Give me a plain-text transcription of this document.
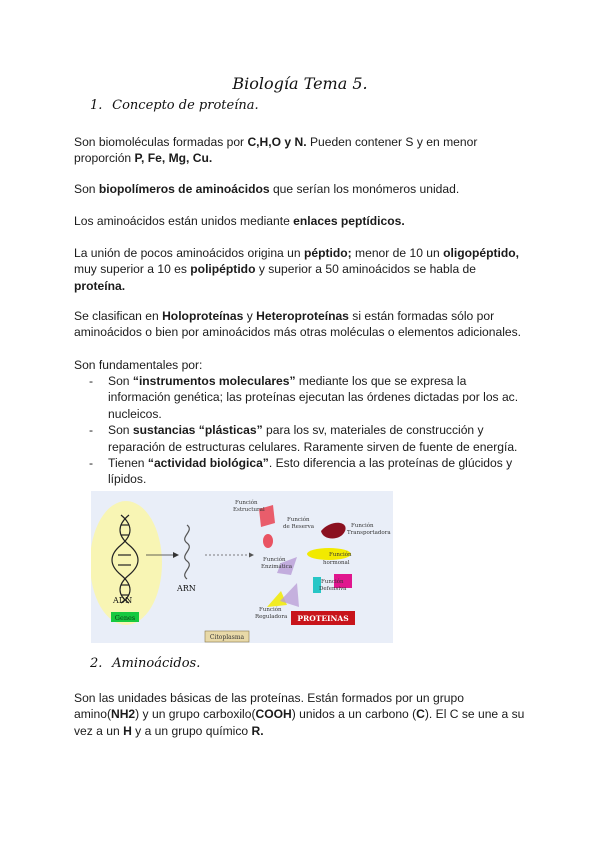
Biología Tema 5.
1. Concepto de proteína.
Son biomoléculas formadas por C,H,O y N. Pueden contener S y en menor
proporción P, Fe, Mg, Cu.
Son biopolímeros de aminoácidos que serían los monómeros unidad.
Los aminoácidos están unidos mediante enlaces peptídicos.
La unión de pocos aminoácidos origina un péptido; menor de 10 un oligopéptido,
muy superior a 10 es polipéptido y superior a 50 aminoácidos se habla de
proteína.
Se clasifican en Holoproteínas y Heteroproteínas si están formadas sólo por
aminoácidos o bien por aminoácidos más otras moléculas o elementos adicionales.
Son fundamentales por:
- Son “instrumentos moleculares” mediante los que se expresa la
información genética; las proteínas ejecutan las órdenes dictadas por los ac.
nucleicos.
- Son sustancias “plásticas” para los sv, materiales de construcción y
reparación de estructuras celulares. Raramente sirven de fuente de energía.
- Tienen “actividad biológica”. Esto diferencia a las proteínas de glúcidos y
lípidos.
ADN
Genes
ARN
Función Estructural
Función de Reserva	Función Transportadora
Función Enzimática
Función hormonal
Función Defensiva
Función Reguladora PROTEINAS
Citoplasma
2. Aminoácidos.
Son las unidades básicas de las proteínas. Están formados por un grupo
amino(NH2) y un grupo carboxilo(COOH) unidos a un carbono (C). El C se une a su
vez a un H y a un grupo químico R.
